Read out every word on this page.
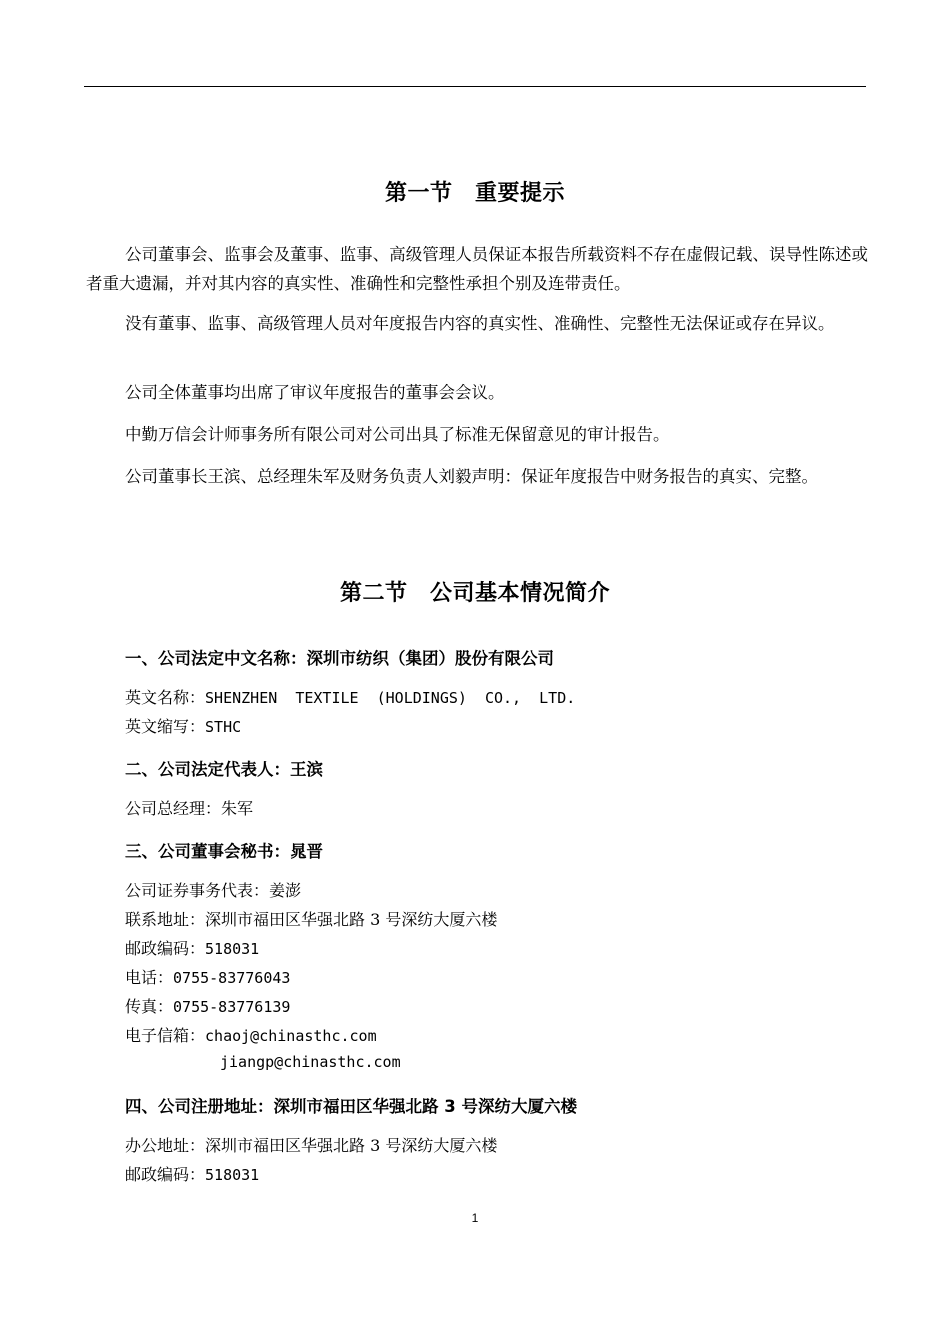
第一节　重要提示
公司董事会、监事会及董事、监事、高级管理人员保证本报告所载资料不存在虚假记载、误导性陈述或者重大遗漏，并对其内容的真实性、准确性和完整性承担个别及连带责任。
没有董事、监事、高级管理人员对年度报告内容的真实性、准确性、完整性无法保证或存在异议。
公司全体董事均出席了审议年度报告的董事会会议。
中勤万信会计师事务所有限公司对公司出具了标准无保留意见的审计报告。
公司董事长王滨、总经理朱军及财务负责人刘毅声明：保证年度报告中财务报告的真实、完整。
第二节　公司基本情况简介
一、公司法定中文名称：深圳市纺织（集团）股份有限公司
英文名称：SHENZHEN  TEXTILE  (HOLDINGS)  CO.,  LTD.
英文缩写：STHC
二、公司法定代表人：王滨
公司总经理：朱军
三、公司董事会秘书：晁晋
公司证券事务代表：姜澎
联系地址：深圳市福田区华强北路 3 号深纺大厦六楼
邮政编码：518031
电话：0755-83776043
传真：0755-83776139
电子信箱：chaoj@chinasthc.com
jiangp@chinasthc.com
四、公司注册地址：深圳市福田区华强北路 3 号深纺大厦六楼
办公地址：深圳市福田区华强北路 3 号深纺大厦六楼
邮政编码：518031
1
